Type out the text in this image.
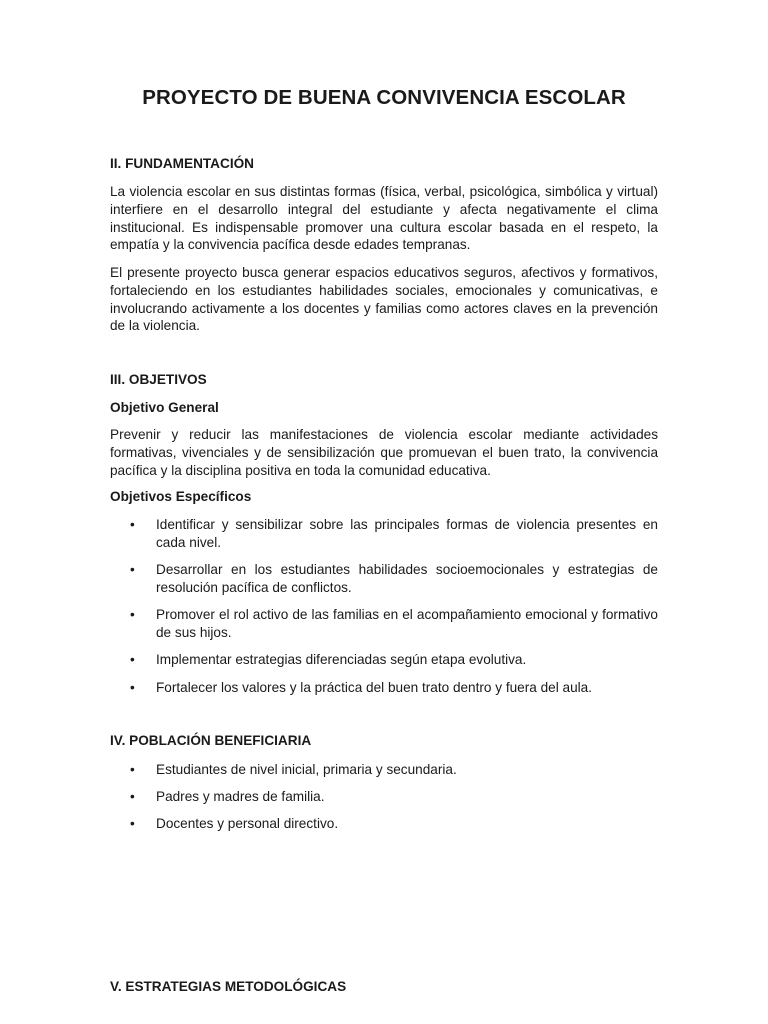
PROYECTO DE BUENA CONVIVENCIA ESCOLAR
II. FUNDAMENTACIÓN

La violencia escolar en sus distintas formas (física, verbal, psicológica, simbólica y virtual) interfiere en el desarrollo integral del estudiante y afecta negativamente el clima institucional. Es indispensable promover una cultura escolar basada en el respeto, la empatía y la convivencia pacífica desde edades tempranas.

El presente proyecto busca generar espacios educativos seguros, afectivos y formativos, fortaleciendo en los estudiantes habilidades sociales, emocionales y comunicativas, e involucrando activamente a los docentes y familias como actores claves en la prevención de la violencia.

III. OBJETIVOS
Objetivo General

Prevenir y reducir las manifestaciones de violencia escolar mediante actividades formativas, vivenciales y de sensibilización que promuevan el buen trato, la convivencia pacífica y la disciplina positiva en toda la comunidad educativa.

Objetivos Específicos
•	Identificar y sensibilizar sobre las principales formas de violencia presentes en cada nivel.
•	Desarrollar en los estudiantes habilidades socioemocionales y estrategias de resolución pacífica de conflictos.
•	Promover el rol activo de las familias en el acompañamiento emocional y formativo de sus hijos.
•	Implementar estrategias diferenciadas según etapa evolutiva.
•	Fortalecer los valores y la práctica del buen trato dentro y fuera del aula.
IV. POBLACIÓN BENEFICIARIA
•	Estudiantes de nivel inicial, primaria y secundaria.
•	Padres y madres de familia.
•	Docentes y personal directivo.
V. ESTRATEGIAS METODOLÓGICAS
